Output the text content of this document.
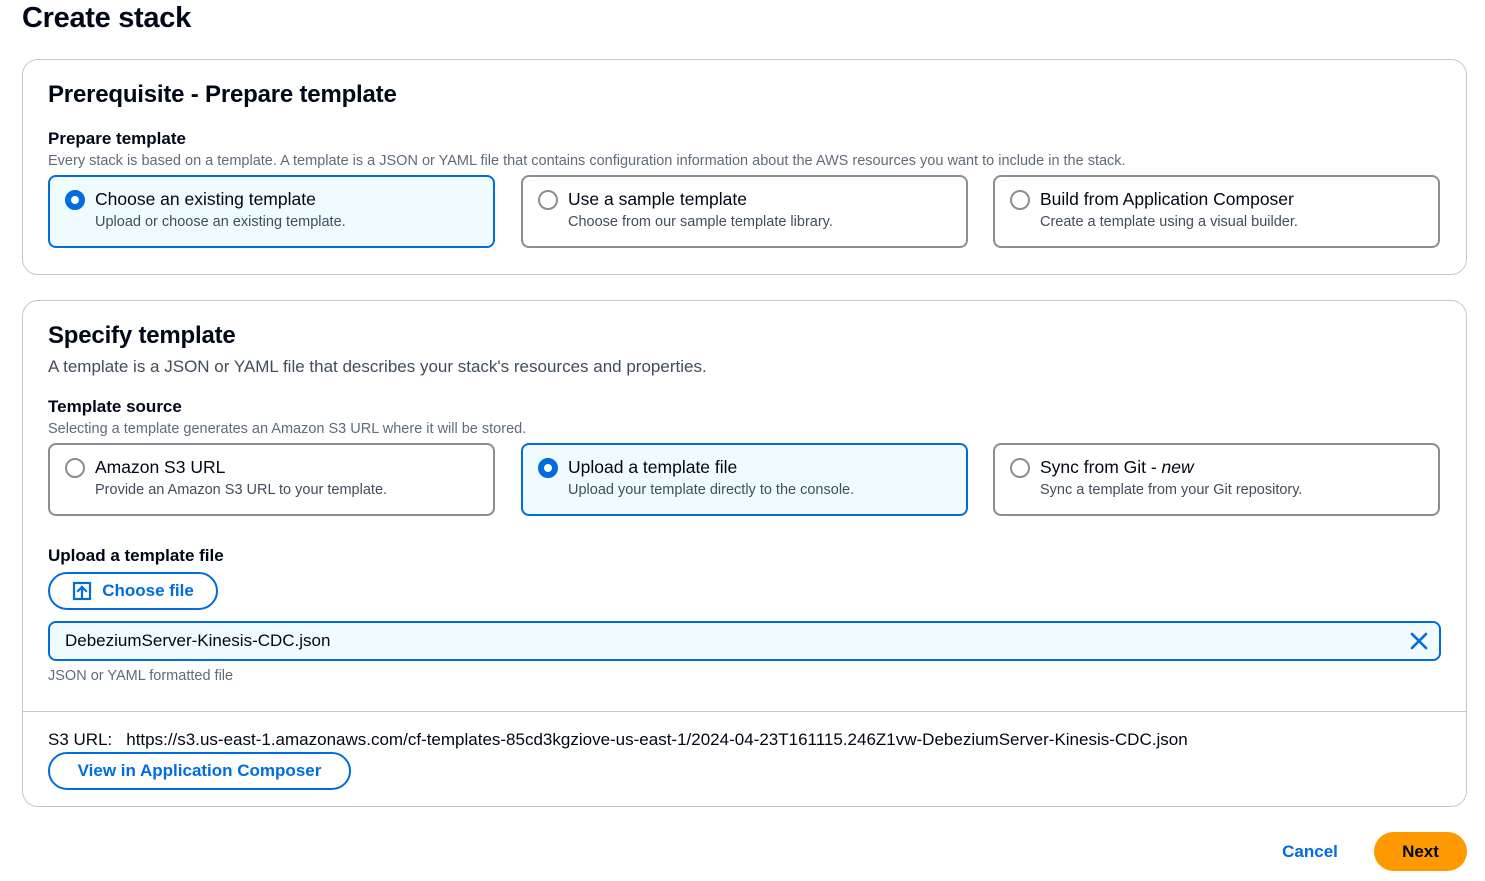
Create stack
Prerequisite - Prepare template
Prepare template
Every stack is based on a template. A template is a JSON or YAML file that contains configuration information about the AWS resources you want to include in the stack.
Choose an existing template
Upload or choose an existing template.
Use a sample template
Choose from our sample template library.
Build from Application Composer
Create a template using a visual builder.
Specify template
A template is a JSON or YAML file that describes your stack's resources and properties.
Template source
Selecting a template generates an Amazon S3 URL where it will be stored.
Amazon S3 URL
Provide an Amazon S3 URL to your template.
Upload a template file
Upload your template directly to the console.
Sync from Git - new
Sync a template from your Git repository.
Upload a template file
Choose file
DebeziumServer-Kinesis-CDC.json
JSON or YAML formatted file
S3 URL: https://s3.us-east-1.amazonaws.com/cf-templates-85cd3kgziove-us-east-1/2024-04-23T161115.246Z1vw-DebeziumServer-Kinesis-CDC.json
View in Application Composer
Cancel	Next
